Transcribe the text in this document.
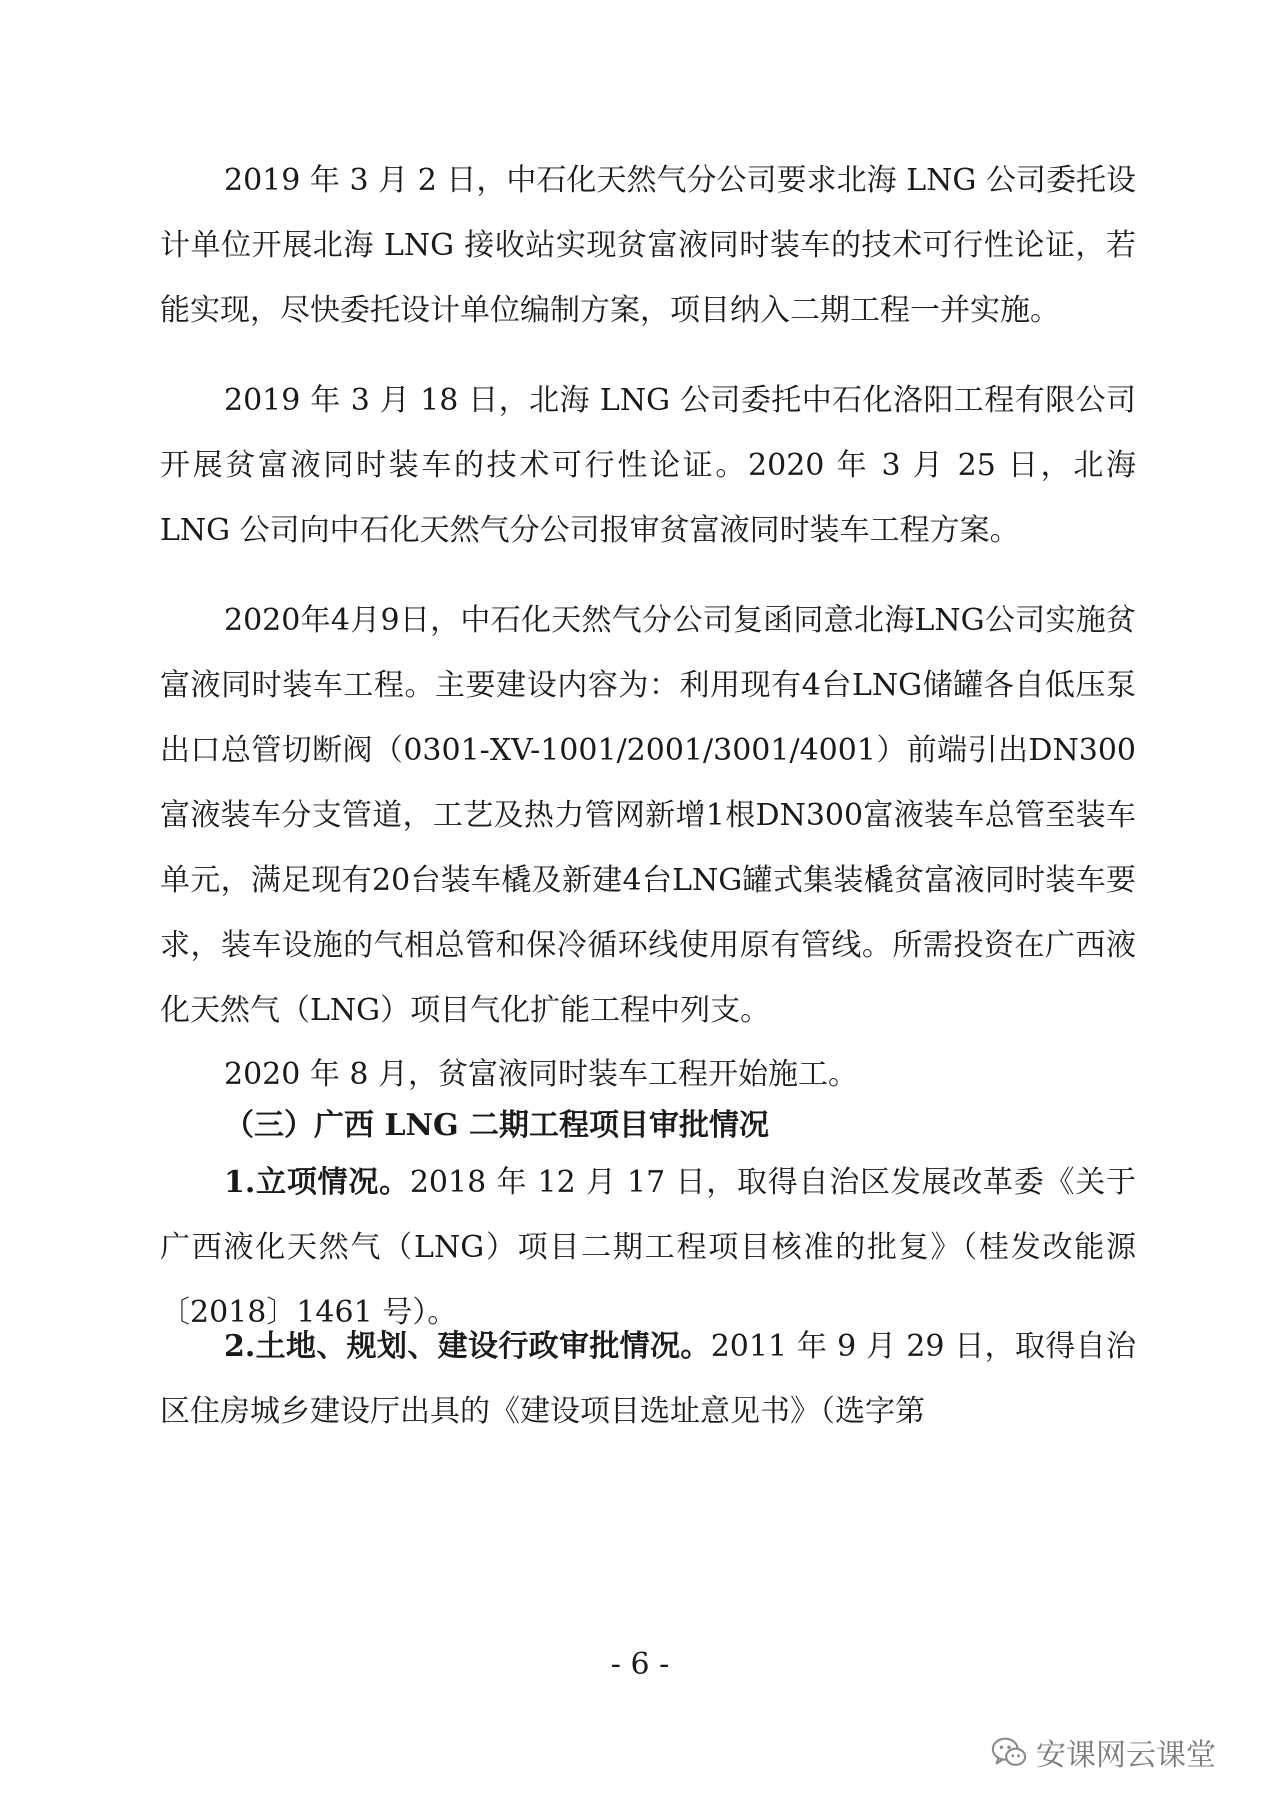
2019 年 3 月 2 日，中石化天然气分公司要求北海 LNG 公司委托设计单位开展北海 LNG 接收站实现贫富液同时装车的技术可行性论证，若能实现，尽快委托设计单位编制方案，项目纳入二期工程一并实施。

2019 年 3 月 18 日，北海 LNG 公司委托中石化洛阳工程有限公司开展贫富液同时装车的技术可行性论证。2020 年 3 月 25 日，北海 LNG 公司向中石化天然气分公司报审贫富液同时装车工程方案。

2020年4月9日，中石化天然气分公司复函同意北海LNG公司实施贫富液同时装车工程。主要建设内容为：利用现有4台LNG储罐各自低压泵出口总管切断阀（0301-XV-1001/2001/3001/4001）前端引出DN300富液装车分支管道，工艺及热力管网新增1根DN300富液装车总管至装车单元，满足现有20台装车橇及新建4台LNG罐式集装橇贫富液同时装车要求，装车设施的气相总管和保冷循环线使用原有管线。所需投资在广西液化天然气（LNG）项目气化扩能工程中列支。

2020 年 8 月，贫富液同时装车工程开始施工。

（三）广西 LNG 二期工程项目审批情况

1.立项情况。2018 年 12 月 17 日，取得自治区发展改革委《关于广西液化天然气（LNG）项目二期工程项目核准的批复》（桂发改能源〔2018〕1461 号）。

2.土地、规划、建设行政审批情况。2011 年 9 月 29 日，取得自治区住房城乡建设厅出具的《建设项目选址意见书》（选字第

- 6 -
安课网云课堂
